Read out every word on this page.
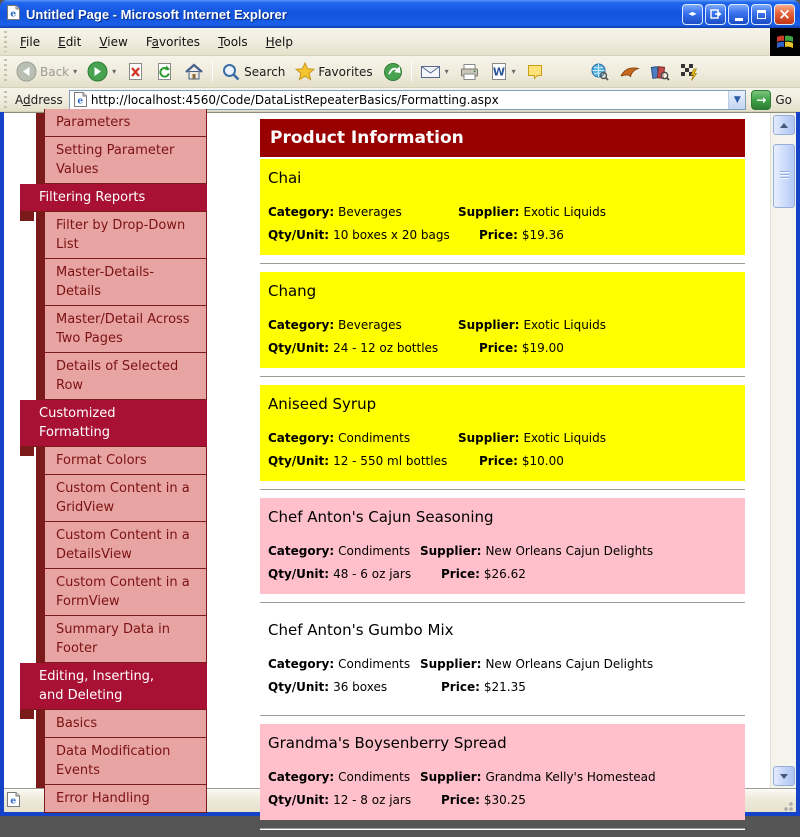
e Untitled Page - Microsoft Internet Explorer	◂▸	×
File	Edit	View	Favorites	Tools	Help
Back ▾	▾	Search	Favorites	▾	W ▾
Address	e
http://localhost:4560/Code/DataListRepeaterBasics/Formatting.aspx	▼	→ Go
Parameters
Setting Parameter Values
Filtering Reports
Filter by Drop-Down List
Master-Details-Details
Master/Detail Across Two Pages
Details of Selected Row
Customized Formatting
Format Colors
Custom Content in a GridView
Custom Content in a DetailsView
Custom Content in a FormView
Summary Data in Footer
Editing, Inserting, and Deleting
Basics
Data Modification Events
Error Handling
Product Information
Chai
Category: Beverages	Supplier: Exotic Liquids
Qty/Unit: 10 boxes x 20 bags Price: $19.36
Chang
Category: Beverages	Supplier: Exotic Liquids
Qty/Unit: 24 - 12 oz bottles	Price: $19.00
Aniseed Syrup
Category: Condiments	Supplier: Exotic Liquids
Qty/Unit: 12 - 550 ml bottles	Price: $10.00
Chef Anton's Cajun Seasoning
Category: Condiments Supplier: New Orleans Cajun Delights
Qty/Unit: 48 - 6 oz jars Price: $26.62
Chef Anton's Gumbo Mix
Category: Condiments Supplier: New Orleans Cajun Delights
Qty/Unit: 36 boxes	Price: $21.35
Grandma's Boysenberry Spread
Category: Condiments Supplier: Grandma Kelly's Homestead
Qty/Unit: 12 - 8 oz jars Price: $30.25
e
